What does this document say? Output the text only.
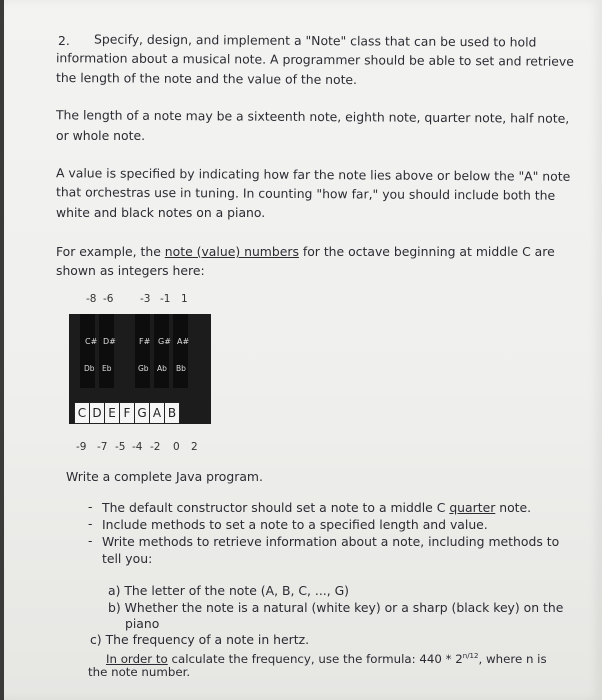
2. Specify, design, and implement a "Note" class that can be used to hold
information about a musical note. A programmer should be able to set and retrieve
the length of the note and the value of the note.
The length of a note may be a sixteenth note, eighth note, quarter note, half note,
or whole note.
A value is specified by indicating how far the note lies above or below the "A" note
that orchestras use in tuning. In counting "how far," you should include both the
white and black notes on a piano.
For example, the note (value) numbers for the octave beginning at middle C are
shown as integers here:
-8 -6	-3 -1 1
C# D#	F# G# A#
Db Eb	Gb Ab Bb
C D E F G A B
-9 -7 -5 -4 -2 0 2
Write a complete Java program.
- The default constructor should set a note to a middle C quarter note.
- Include methods to set a note to a specified length and value.
- Write methods to retrieve information about a note, including methods to
tell you:
a) The letter of the note (A, B, C, ..., G)
b) Whether the note is a natural (white key) or a sharp (black key) on the
piano
c) The frequency of a note in hertz.
In order to calculate the frequency, use the formula: $440 * 2^{n/12}$, where n is
the note number.
